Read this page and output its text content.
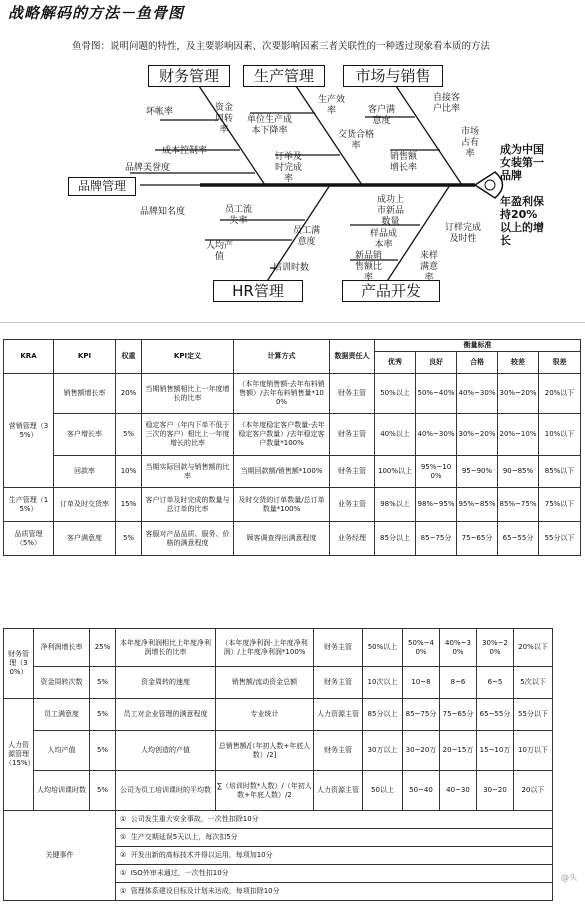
战略解码的方法－鱼骨图
鱼骨图：说明问题的特性，及主要影响因素、次要影响因素三者关联性的一种透过现象看本质的方法
财务管理	生产管理	市场与销售
品牌管理
HR管理	产品开发
成为中国
女装第一
品牌
年盈利保
持20%
以上的增
长
坏帐率	资金
周转
率
成本控制率
品牌美誉度
单位生产成
本下降率
生产效
率
交货合格
率
订单及
时完成
率
客户满
意度
自接客
户比率
市场
占有
率
销售额
增长率
品牌知名度	员工流
失率
员工满
意度
人均产
值
培训时数
成功上
市新品
数量
样品成
本率
新品销
售额比
率
订样完成
及时性
来样
满意
率
KRA	KPI	权重	KPI定义	计算方式	数据责任人	衡量标准				
						优秀	良好	合格	较差	很差
营销管理（35%）	销售额增长率	20%	当期销售额相比上一年度增长的比率	（本年度销售额-去年布料销售额）/去年布料销售量*100%	财务主管	50%以上	50%~40%	40%~30%	30%~20%	20%以下
	客户增长率	5%	稳定客户（年内下单不低于三次的客户）相比上一年度增长的比率	（本年度稳定客户数量-去年稳定客户数量）/去年稳定客户数量*100%	财务主管	40%以上	40%~30%	30%~20%	20%~10%	10%以下
	回款率	10%	当期实际回款与销售额的比率	当期回款额/销售额*100%	财务主管	100%以上	95%~100%	95~90%	90~85%	85%以下
生产管理（15%）	订单及时交货率	15%	客户订单及时完成的数量与总订单的比率	及时交货的订单数量/总订单数量*100%	业务主管	98%以上	98%~95%	95%~85%	85%~75%	75%以下
品质管理（5%）	客户满意度	5%	客服对产品品质、服务、价格的满意程度	顾客调查得出满意程度	业务经理	85分以上	85~75分	75~65分	65~55分	55分以下
财务管理（30%）	净利润增长率	25%	本年度净利润相比上年度净利润增长的比率	（本年度净利润-上年度净利润）/上年度净利润*100%	财务主管	50%以上	50%~40%	40%~30%	30%~20%	20%以下
	资金周转次数	5%	资金周转的速度	销售额/流动资金总额	财务主管	10次以上	10~8	8~6	6~5	5次以下
人力资源管理（15%）	员工满意度	5%	员工对企业管理的满意程度	专业统计	人力资源主管	85分以上	85~75分	75~65分	65~55分	55分以下
	人均产值	5%	人均创造的产值	总销售额/[（年初人数+年底人数）/2]	财务主管	30万以上	30~20万	20~15万	15~10万	10万以下
	人均培训课时数	5%	公司为员工培训课时的平均数	∑（培训时数*人数）/（年初人数+年底人数）/2	人力资源主管	50以上	50~40	40~30	30~20	20以下
关键事件			① 公司发生重大安全事故，一次性扣除10分							
			① 生产交期延误5天以上，每次扣5分							
			② 开发出新的高标技术并得以运用，每项加10分							
			① ISO外审未通过，一次性扣10分							
			① 管理体系建设目标及计划未达成，每项扣除10分							
@头
